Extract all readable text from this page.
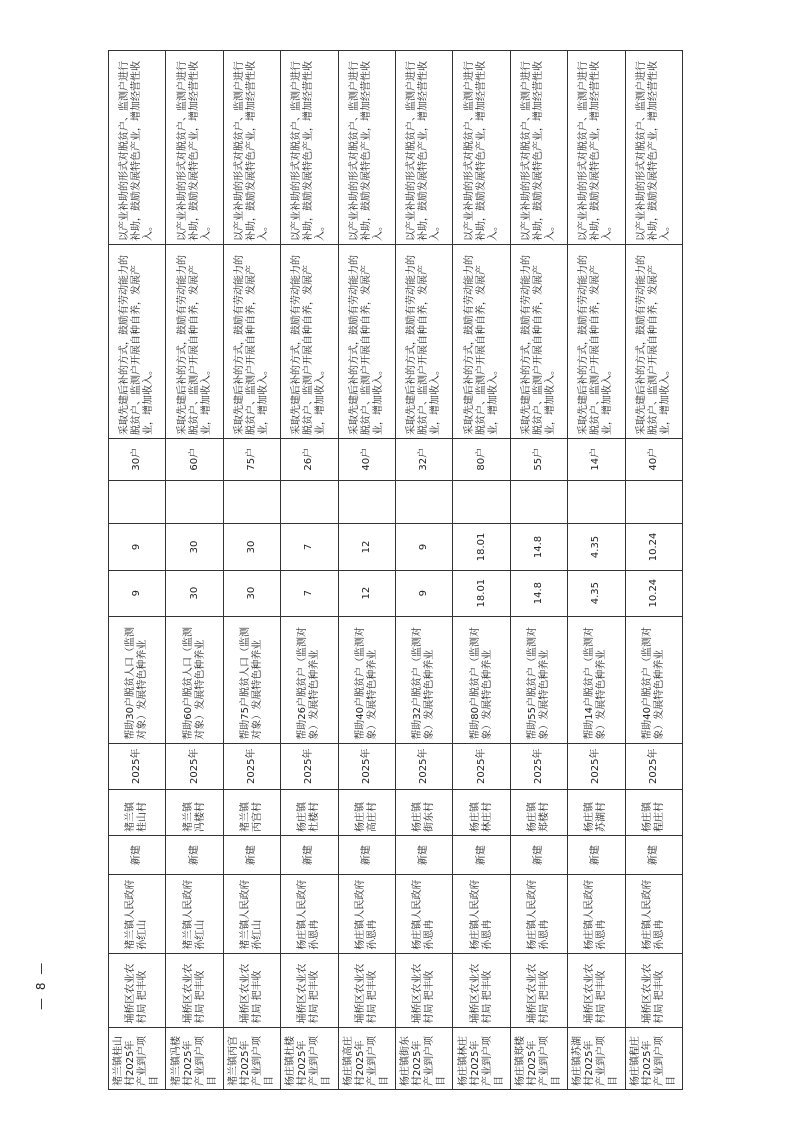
褚兰镇桂山村2025年产业到户项目	埇桥区农业农村局 把丰收	褚兰镇人民政府孙红山	新建	褚兰镇桂山村	2025年	帮助30户脱贫人口（监测对象）发展特色种养业	9	9		30户	采取先建后补的方式，鼓励有劳动能力的脱贫户、监测户开展自种自养，发展产业，增加收入。	以产业补助的形式对脱贫户、监测户进行补助，鼓励发展特色产业，增加经营性收入。
褚兰镇冯楼村2025年产业到户项目	埇桥区农业农村局 把丰收	褚兰镇人民政府孙红山	新建	褚兰镇冯楼村	2025年	帮助60户脱贫人口（监测对象）发展特色种养业	30	30		60户	采取先建后补的方式，鼓励有劳动能力的脱贫户、监测户开展自种自养，发展产业，增加收入。	以产业补助的形式对脱贫户、监测户进行补助，鼓励发展特色产业，增加经营性收入。
褚兰镇丙宫村2025年产业到户项目	埇桥区农业农村局 把丰收	褚兰镇人民政府孙红山	新建	褚兰镇丙宫村	2025年	帮助75户脱贫人口（监测对象）发展特色种养业	30	30		75户	采取先建后补的方式，鼓励有劳动能力的脱贫户、监测户开展自种自养，发展产业，增加收入。	以产业补助的形式对脱贫户、监测户进行补助，鼓励发展特色产业，增加经营性收入。
杨庄镇杜楼村2025年产业到户项目	埇桥区农业农村局 把丰收	杨庄镇人民政府孙恩冉	新建	杨庄镇杜楼村	2025年	帮助26户脱贫户（监测对象）发展特色种养业	7	7		26户	采取先建后补的方式，鼓励有劳动能力的脱贫户、监测户开展自种自养，发展产业，增加收入。	以产业补助的形式对脱贫户、监测户进行补助，鼓励发展特色产业，增加经营性收入。
杨庄镇高庄村2025年产业到户项目	埇桥区农业农村局 把丰收	杨庄镇人民政府孙恩冉	新建	杨庄镇高庄村	2025年	帮助40户脱贫户（监测对象）发展特色种养业	12	12		40户	采取先建后补的方式，鼓励有劳动能力的脱贫户、监测户开展自种自养，发展产业，增加收入。	以产业补助的形式对脱贫户、监测户进行补助，鼓励发展特色产业，增加经营性收入。
杨庄镇街东村2025年产业到户项目	埇桥区农业农村局 把丰收	杨庄镇人民政府孙恩冉	新建	杨庄镇街东村	2025年	帮助32户脱贫户（监测对象）发展特色种养业	9	9		32户	采取先建后补的方式，鼓励有劳动能力的脱贫户、监测户开展自种自养，发展产业，增加收入。	以产业补助的形式对脱贫户、监测户进行补助，鼓励发展特色产业，增加经营性收入。
杨庄镇林庄村2025年产业到户项目	埇桥区农业农村局 把丰收	杨庄镇人民政府孙恩冉	新建	杨庄镇林庄村	2025年	帮助80户脱贫户（监测对象）发展特色种养业	18.01	18.01		80户	采取先建后补的方式，鼓励有劳动能力的脱贫户、监测户开展自种自养，发展产业，增加收入。	以产业补助的形式对脱贫户、监测户进行补助，鼓励发展特色产业，增加经营性收入。
杨庄镇郑楼村2025年产业到户项目	埇桥区农业农村局 把丰收	杨庄镇人民政府孙恩冉	新建	杨庄镇郑楼村	2025年	帮助55户脱贫户（监测对象）发展特色种养业	14.8	14.8		55户	采取先建后补的方式，鼓励有劳动能力的脱贫户、监测户开展自种自养，发展产业，增加收入。	以产业补助的形式对脱贫户、监测户进行补助，鼓励发展特色产业，增加经营性收入。
杨庄镇苏湖村2025年产业到户项目	埇桥区农业农村局 把丰收	杨庄镇人民政府孙恩冉	新建	杨庄镇苏湖村	2025年	帮助14户脱贫户（监测对象）发展特色种养业	4.35	4.35		14户	采取先建后补的方式，鼓励有劳动能力的脱贫户、监测户开展自种自养，发展产业，增加收入。	以产业补助的形式对脱贫户、监测户进行补助，鼓励发展特色产业，增加经营性收入。
杨庄镇程庄村2025年产业到户项目	埇桥区农业农村局 把丰收	杨庄镇人民政府孙恩冉	新建	杨庄镇程庄村	2025年	帮助40户脱贫户（监测对象）发展特色种养业	10.24	10.24		40户	采取先建后补的方式，鼓励有劳动能力的脱贫户、监测户开展自种自养，发展产业，增加收入。	以产业补助的形式对脱贫户、监测户进行补助，鼓励发展特色产业，增加经营性收入。
— 8 —
